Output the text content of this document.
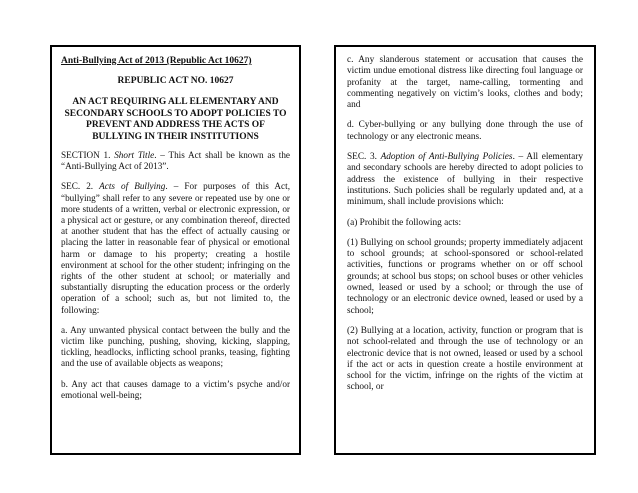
Anti-Bullying Act of 2013 (Republic Act 10627)
REPUBLIC ACT NO. 10627
AN ACT REQUIRING ALL ELEMENTARY AND SECONDARY SCHOOLS TO ADOPT POLICIES TO PREVENT AND ADDRESS THE ACTS OF BULLYING IN THEIR INSTITUTIONS

SECTION 1. Short Title. – This Act shall be known as the “Anti-Bullying Act of 2013”.

SEC. 2. Acts of Bullying. – For purposes of this Act, “bullying” shall refer to any severe or repeated use by one or more students of a written, verbal or electronic expression, or a physical act or gesture, or any combination thereof, directed at another student that has the effect of actually causing or placing the latter in reasonable fear of physical or emotional harm or damage to his property; creating a hostile environment at school for the other student; infringing on the rights of the other student at school; or materially and substantially disrupting the education process or the orderly operation of a school; such as, but not limited to, the following:

a. Any unwanted physical contact between the bully and the victim like punching, pushing, shoving, kicking, slapping, tickling, headlocks, inflicting school pranks, teasing, fighting and the use of available objects as weapons;

b. Any act that causes damage to a victim’s psyche and/or emotional well-being;

c. Any slanderous statement or accusation that causes the victim undue emotional distress like directing foul language or profanity at the target, name-calling, tormenting and commenting negatively on victim’s looks, clothes and body; and

d. Cyber-bullying or any bullying done through the use of technology or any electronic means.

SEC. 3. Adoption of Anti-Bullying Policies. – All elementary and secondary schools are hereby directed to adopt policies to address the existence of bullying in their respective institutions. Such policies shall be regularly updated and, at a minimum, shall include provisions which:

(a) Prohibit the following acts:

(1) Bullying on school grounds; property immediately adjacent to school grounds; at school-sponsored or school-related activities, functions or programs whether on or off school grounds; at school bus stops; on school buses or other vehicles owned, leased or used by a school; or through the use of technology or an electronic device owned, leased or used by a school;

(2) Bullying at a location, activity, function or program that is not school-related and through the use of technology or an electronic device that is not owned, leased or used by a school if the act or acts in question create a hostile environment at school for the victim, infringe on the rights of the victim at school, or
